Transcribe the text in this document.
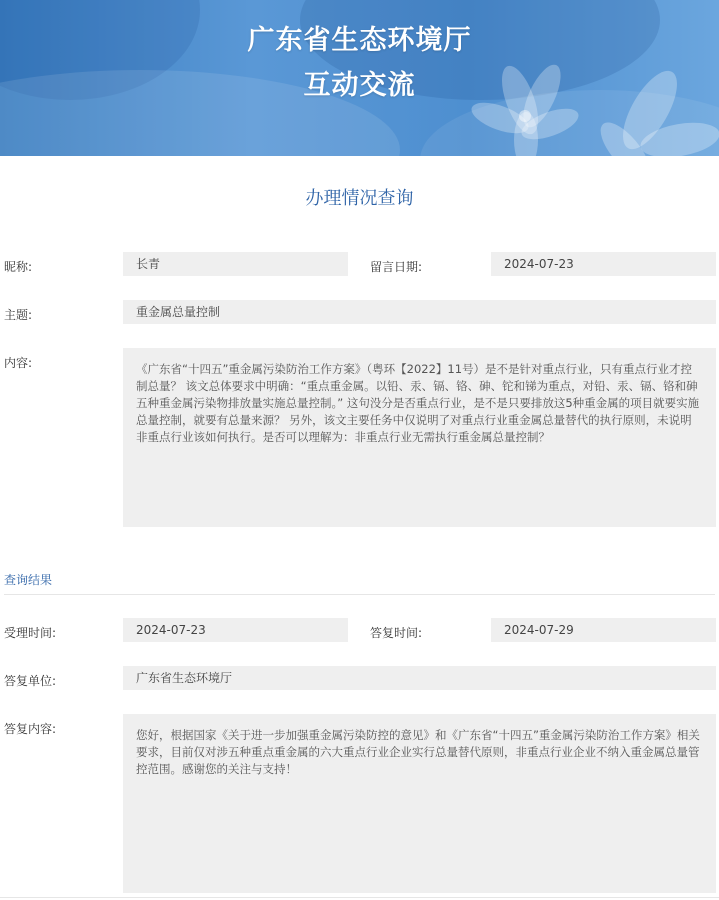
广东省生态环境厅
互动交流
办理情况查询
昵称:	长青	留言日期:	2024-07-23
主题:	重金属总量控制
内容:	《广东省“十四五”重金属污染防治工作方案》（粤环【2022】11号）是不是针对重点行业，只有重点行业才控制总量？ 该文总体要求中明确：“重点重金属。以铅、汞、镉、铬、砷、铊和锑为重点，对铅、汞、镉、铬和砷五种重金属污染物排放量实施总量控制。” 这句没分是否重点行业，是不是只要排放这5种重金属的项目就要实施总量控制，就要有总量来源？ 另外，该文主要任务中仅说明了对重点行业重金属总量替代的执行原则，未说明非重点行业该如何执行。是否可以理解为：非重点行业无需执行重金属总量控制？
查询结果
受理时间:	2024-07-23	答复时间:	2024-07-29
答复单位:	广东省生态环境厅
答复内容:	您好，根据国家《关于进一步加强重金属污染防控的意见》和《广东省“十四五”重金属污染防治工作方案》相关要求，目前仅对涉五种重点重金属的六大重点行业企业实行总量替代原则，非重点行业企业不纳入重金属总量管控范围。感谢您的关注与支持！
